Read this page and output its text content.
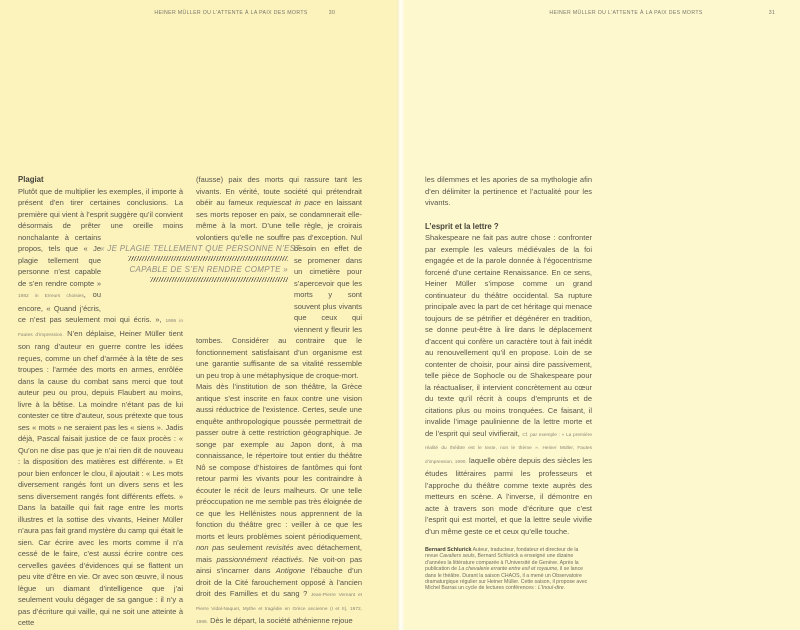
HEINER MÜLLER OU L’ATTENTE À LA PAIX DES MORTS	30	HEINER MÜLLER OU L’ATTENTE À LA PAIX DES MORTS	31
Plagiat

Plutôt que de multiplier les exemples, il importe à présent d’en tirer certaines conclusions. La première qui vient à l’esprit suggère qu’il convient désormais de prêter une oreille moins nonchalante à certains
propos, tels que « Je plagie tellement que personne n’est capable de s’en rendre compte » 1982 in Erreurs choisies, ou encore, « Quand j’écris, ce n’est pas seulement moi qui écris. », 1995 in Fautes d’impression. N’en déplaise, Heiner Müller tient son rang d’auteur en guerre contre les idées reçues, comme un chef d’armée à la tête de ses troupes : l’armée des morts en armes, enrôlée dans la cause du combat sans merci que tout auteur peu ou prou, depuis Flaubert au moins, livre à la bêtise. La moindre n’étant pas de lui contester ce titre d’auteur, sous prétexte que tous ses « mots » ne seraient pas les « siens ». Jadis déjà, Pascal faisait justice de ce faux procès : « Qu’on ne dise pas que je n’ai rien dit de nouveau : la disposition des matières est différente. » Et pour bien enfoncer le clou, il ajoutait : « Les mots diversement rangés font un divers sens et les sens diversement rangés font différents effets. » Dans la bataille qui fait rage entre les morts illustres et la sottise des vivants, Heiner Müller n’aura pas fait grand mystère du camp qui était le sien. Car écrire avec les morts comme il n’a cessé de le faire, c’est aussi écrire contre ces cervelles gavées d’évidences qui se flattent un peu vite d’être en vie. Or avec son œuvre, il nous lègue un diamant d’intelligence que j’ai seulement voulu dégager de sa gangue : il n’y a pas d’écriture qui vaille, qui ne soit une atteinte à cette

(fausse) paix des morts qui rassure tant les vivants. En vérité, toute société qui prétendrait obéir au fameux requiescat in pace en laissant ses morts reposer en paix, se condamnerait elle-même à la mort. D’une telle règle, je croirais volontiers qu’elle ne souffre pas
d’exception. Nul besoin en effet de se promener dans un cimetière pour s’apercevoir que les morts y sont souvent plus vivants que ceux qui viennent y fleurir les tombes. Considérer au contraire que le fonctionnement satisfaisant d’un organisme est une garantie suffisante de sa vitalité ressemble un peu trop à une métaphysique de croque-mort.

Mais dès l’institution de son théâtre, la Grèce antique s’est inscrite en faux contre une vision aussi réductrice de l’existence. Certes, seule une enquête anthropologique poussée permettrait de passer outre à cette restriction géographique. Je songe par exemple au Japon dont, à ma connaissance, le répertoire tout entier du théâtre Nô se compose d’histoires de fantômes qui font retour parmi les vivants pour les contraindre à écouter le récit de leurs malheurs. Or une telle préoccupation ne me semble pas très éloignée de ce que les Hellénistes nous apprennent de la fonction du théâtre grec : veiller à ce que les morts et leurs problèmes soient périodiquement, non pas seulement revisités avec détachement, mais passionnément réactivés. Ne voit-on pas ainsi s’incarner dans Antigone l’ébauche d’un droit de la Cité farouchement opposé à l’ancien droit des Familles et du sang ? Jean-Pierre Vernant et Pierre Vidal-Naquet, Mythe et tragédie en Grèce ancienne (I et II), 1972, 1986. Dès le départ, la société athénienne rejoue

« JE PLAGIE TELLEMENT QUE PERSONNE N’EST
CAPABLE DE S’EN RENDRE COMPTE »

les dilemmes et les apories de sa mythologie afin d’en délimiter la pertinence et l’actualité pour les vivants.

L’esprit et la lettre ?

Shakespeare ne fait pas autre chose : confronter par exemple les valeurs médiévales de la foi engagée et de la parole donnée à l’égocentrisme forcené d’une certaine Renaissance. En ce sens, Heiner Müller s’impose comme un grand continuateur du théâtre occidental. Sa rupture principale avec la part de cet héritage qui menace toujours de se pétrifier et dégénérer en tradition, se donne peut-être à lire dans le déplacement d’accent qui confère un caractère tout à fait inédit au renouvellement qu’il en propose. Loin de se contenter de choisir, pour ainsi dire passivement, telle pièce de Sophocle ou de Shakespeare pour la réactualiser, il intervient concrètement au cœur du texte qu’il récrit à coups d’emprunts et de citations plus ou moins tronquées. Ce faisant, il invalide l’image paulinienne de la lettre morte et de l’esprit qui seul vivifierait, Cf. par exemple : « La première réalité du théâtre est le texte, non le thème ». Heiner Müller, Fautes d’impression, 1990. laquelle obère depuis des siècles les études littéraires parmi les professeurs et l’approche du théâtre comme texte auprès des metteurs en scène. A l’inverse, il démontre en acte à travers son mode d’écriture que c’est l’esprit qui est mortel, et que la lettre seule vivifie d’un même geste ce et ceux qu’elle touche.

Bernard Schlurick Auteur, traducteur, fondateur et directeur de la revue Cavaliers seuls, Bernard Schlurick a enseigné une dizaine d’années la littérature comparée à l’Université de Genève. Après la publication de La chevalerie errante entre exil et royaume, il se lance dans le théâtre. Durant la saison CHAOS, il a mené un Observatoire dramaturgique régulier sur Heiner Müller. Cette saison, il propose avec Michel Barras un cycle de lectures conférences : L’Inouï-dire.
